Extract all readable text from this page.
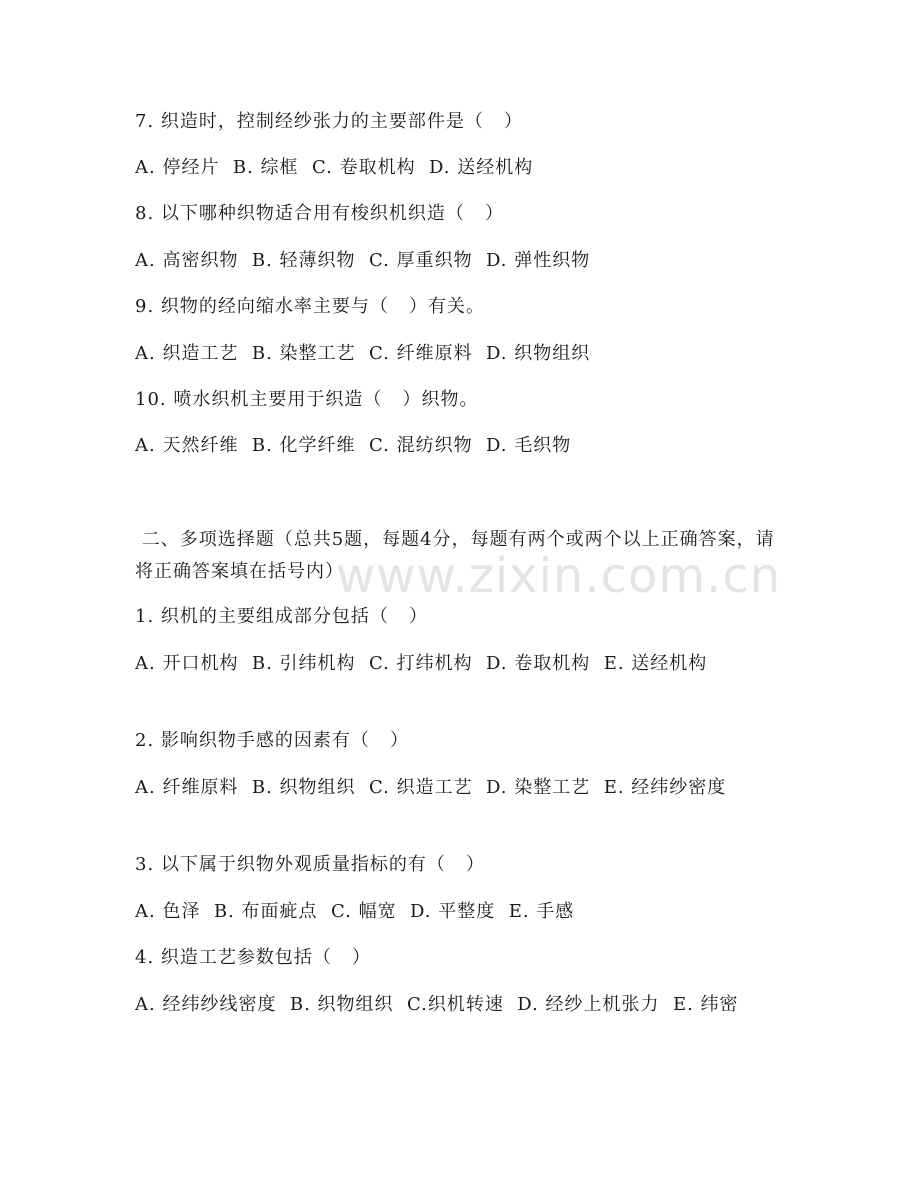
www.zixin.com.cn
7. 织造时，控制经纱张力的主要部件是（   ）
A. 停经片  B. 综框  C. 卷取机构  D. 送经机构
8. 以下哪种织物适合用有梭织机织造（   ）
A. 高密织物  B. 轻薄织物  C. 厚重织物  D. 弹性织物
9. 织物的经向缩水率主要与（   ）有关。
A. 织造工艺  B. 染整工艺  C. 纤维原料  D. 织物组织
10. 喷水织机主要用于织造（   ）织物。
A. 天然纤维  B. 化学纤维  C. 混纺织物  D. 毛织物
二、多项选择题（总共5题，每题4分，每题有两个或两个以上正确答案，请将正确答案填在括号内）
1. 织机的主要组成部分包括（   ）
A. 开口机构  B. 引纬机构  C. 打纬机构  D. 卷取机构  E. 送经机构
2. 影响织物手感的因素有（   ）
A. 纤维原料  B. 织物组织  C. 织造工艺  D. 染整工艺  E. 经纬纱密度
3. 以下属于织物外观质量指标的有（   ）
A. 色泽  B. 布面疵点  C. 幅宽  D. 平整度  E. 手感
4. 织造工艺参数包括（   ）
A. 经纬纱线密度  B. 织物组织  C.织机转速  D. 经纱上机张力  E. 纬密
